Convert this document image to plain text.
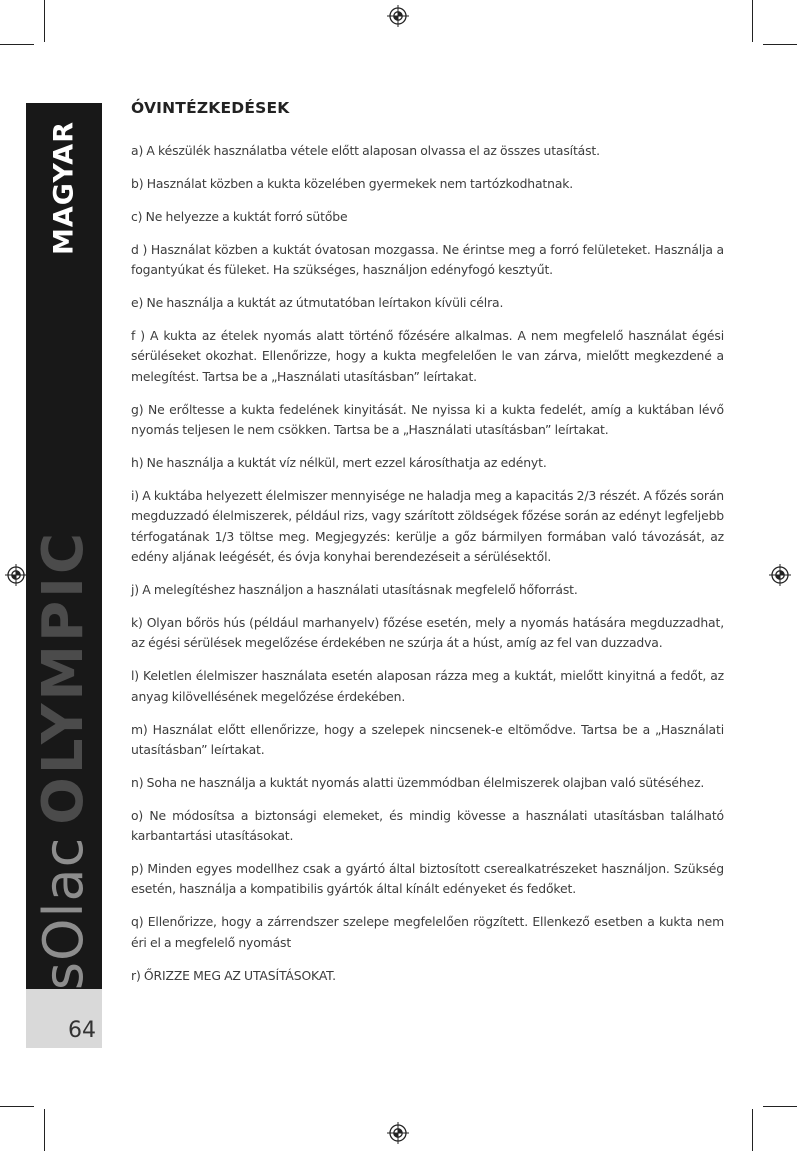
MAGYAR
sOlacOLYMPIC
64
ÓVINTÉZKEDÉSEK

a) A készülék használatba vétele előtt alaposan olvassa el az összes utasítást.

b) Használat közben a kukta közelében gyermekek nem tartózkodhatnak.

c) Ne helyezze a kuktát forró sütőbe

d ) Használat közben a kuktát óvatosan mozgassa. Ne érintse meg a forró felületeket. Használja a fogantyúkat és füleket. Ha szükséges, használjon edényfogó kesztyűt.

e) Ne használja a kuktát az útmutatóban leírtakon kívüli célra.

f ) A kukta az ételek nyomás alatt történő főzésére alkalmas. A nem megfelelő használat égési sérüléseket okozhat. Ellenőrizze, hogy a kukta megfelelően le van zárva, mielőtt megkezdené a melegítést. Tartsa be a „Használati utasításban” leírtakat.

g) Ne erőltesse a kukta fedelének kinyitását. Ne nyissa ki a kukta fedelét, amíg a kuktában lévő nyomás teljesen le nem csökken. Tartsa be a „Használati utasításban” leírtakat.

h) Ne használja a kuktát víz nélkül, mert ezzel károsíthatja az edényt.

i) A kuktába helyezett élelmiszer mennyisége ne haladja meg a kapacitás 2/3 részét. A főzés során megduzzadó élelmiszerek, például rizs, vagy szárított zöldségek főzése során az edényt legfeljebb térfogatának 1/3 töltse meg. Megjegyzés: kerülje a gőz bármilyen formában való távozását, az edény aljának leégését, és óvja konyhai berendezéseit a sérülésektől.

j) A melegítéshez használjon a használati utasításnak megfelelő hőforrást.

k) Olyan bőrös hús (például marhanyelv) főzése esetén, mely a nyomás hatására megduzzadhat, az égési sérülések megelőzése érdekében ne szúrja át a húst, amíg az fel van duzzadva.

l) Keletlen élelmiszer használata esetén alaposan rázza meg a kuktát, mielőtt kinyitná a fedőt, az anyag kilövellésének megelőzése érdekében.

m) Használat előtt ellenőrizze, hogy a szelepek nincsenek-e eltömődve. Tartsa be a „Használati utasításban” leírtakat.

n) Soha ne használja a kuktát nyomás alatti üzemmódban élelmiszerek olajban való sütéséhez.

o) Ne módosítsa a biztonsági elemeket, és mindig kövesse a használati utasításban található karbantartási utasításokat.

p) Minden egyes modellhez csak a gyártó által biztosított cserealkatrészeket használjon. Szükség esetén, használja a kompatibilis gyártók által kínált edényeket és fedőket.

q) Ellenőrizze, hogy a zárrendszer szelepe megfelelően rögzített. Ellenkező esetben a kukta nem éri el a megfelelő nyomást

r) ŐRIZZE MEG AZ UTASÍTÁSOKAT.
